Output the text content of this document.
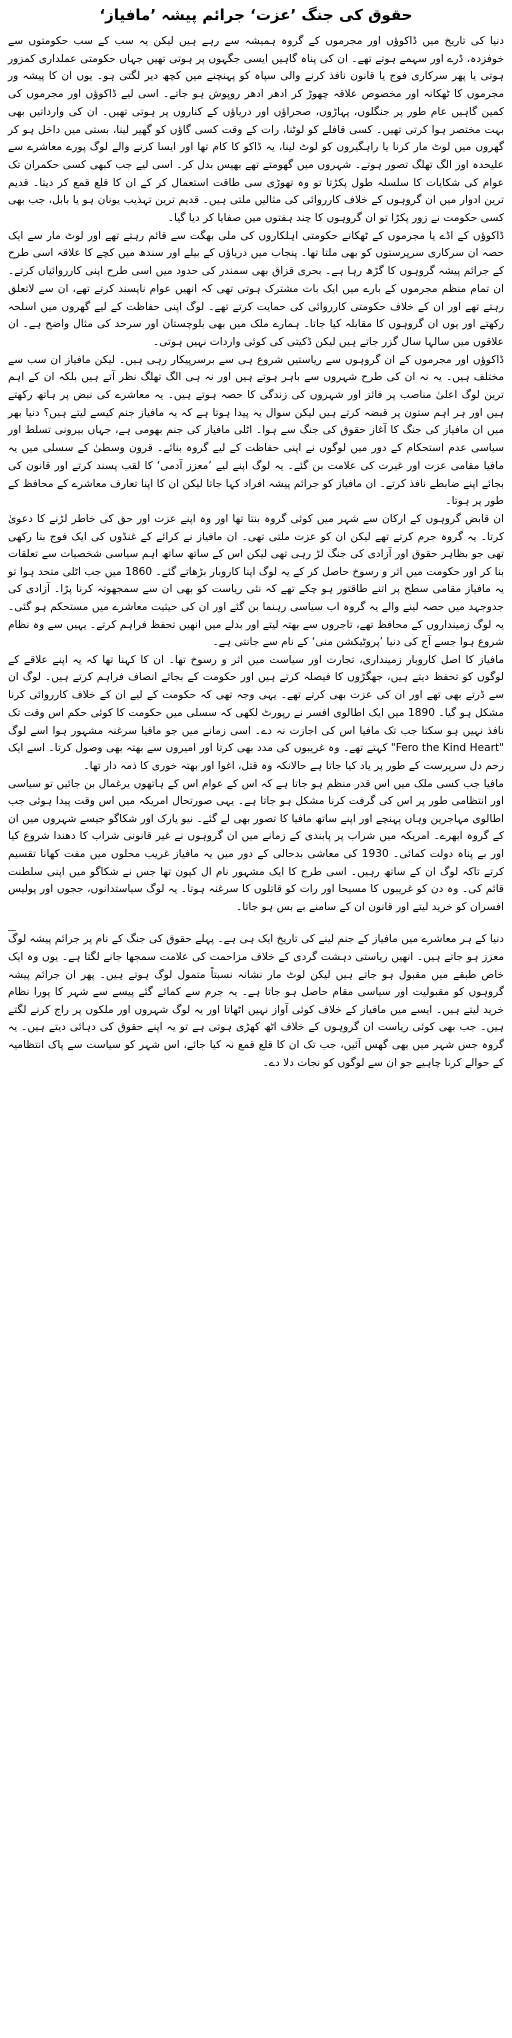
حقوق کی جنگ ’عزت‘ جرائم پیشہ ’مافیاز‘

دنیا کی تاریخ میں ڈاکوؤں اور مجرموں کے گروہ ہمیشہ سے رہے ہیں لیکن یہ سب کے سب حکومتوں سے خوفزدہ، ڈرے اور سہمے ہوتے تھے۔ ان کی پناہ گاہیں ایسی جگہوں پر ہوتی تھیں جہاں حکومتی عملداری کمزور ہوتی یا پھر سرکاری فوج یا قانون نافذ کرنے والی سپاہ کو پہنچنے میں کچھ دیر لگتی ہو۔ یوں ان کا پیشہ ور مجرموں کا ٹھکانہ اور مخصوص علاقہ چھوڑ کر ادھر ادھر روپوش ہو جاتے۔ اسی لیے ڈاکوؤں اور مجرموں کی کمین گاہیں عام طور پر جنگلوں، پہاڑوں، صحراؤں اور دریاؤں کے کناروں پر ہوتی تھیں۔ ان کی وارداتیں بھی بہت مختصر ہوا کرتی تھیں۔ کسی قافلے کو لوٹنا، رات کے وقت کسی گاؤں کو گھیر لینا، بستی میں داخل ہو کر گھروں میں لوٹ مار کرنا یا راہگیروں کو لوٹ لینا، یہ ڈاکو کا کام تھا اور ایسا کرنے والے لوگ پورے معاشرے سے علیحدہ اور الگ تھلگ تصور ہوتے۔ شہروں میں گھومتے تھے بھیس بدل کر۔ اسی لیے جب کبھی کسی حکمران تک عوام کی شکایات کا سلسلہ طول پکڑتا تو وہ تھوڑی سی طاقت استعمال کر کے ان کا قلع قمع کر دیتا۔ قدیم ترین ادوار میں ان گروہوں کے خلاف کارروائی کی مثالیں ملتی ہیں۔ قدیم ترین تہذیب یونان ہو یا بابل، جب بھی کسی حکومت نے زور پکڑا تو ان گروہوں کا چند ہفتوں میں صفایا کر دیا گیا۔

ڈاکوؤں کے اڈے یا مجرموں کے ٹھکانے حکومتی اہلکاروں کی ملی بھگت سے قائم رہتے تھے اور لوٹ مار سے ایک حصہ ان سرکاری سرپرستوں کو بھی ملتا تھا۔ پنجاب میں دریاؤں کے بیلے اور سندھ میں کچے کا علاقہ اسی طرح کے جرائم پیشہ گروہوں کا گڑھ رہا ہے۔ بحری قزاق بھی سمندر کی حدود میں اسی طرح اپنی کارروائیاں کرتے۔ ان تمام منظم مجرموں کے بارے میں ایک بات مشترک ہوتی تھی کہ انھیں عوام ناپسند کرتے تھے، ان سے لاتعلق رہتے تھے اور ان کے خلاف حکومتی کارروائی کی حمایت کرتے تھے۔ لوگ اپنی حفاظت کے لیے گھروں میں اسلحہ رکھتے اور یوں ان گروہوں کا مقابلہ کیا جاتا۔ ہمارے ملک میں بھی بلوچستان اور سرحد کی مثال واضح ہے۔ ان علاقوں میں سالہا سال گزر جاتے ہیں لیکن ڈکیتی کی کوئی واردات نہیں ہوتی۔

ڈاکوؤں اور مجرموں کے ان گروہوں سے ریاستیں شروع ہی سے برسرپیکار رہی ہیں۔ لیکن مافیاز ان سب سے مختلف ہیں۔ یہ نہ ان کی طرح شہروں سے باہر ہوتے ہیں اور نہ ہی الگ تھلگ نظر آتے ہیں بلکہ ان کے اہم ترین لوگ اعلیٰ مناصب پر فائز اور شہروں کی زندگی کا حصہ ہوتے ہیں۔ یہ معاشرے کی نبض پر ہاتھ رکھتے ہیں اور ہر اہم ستون پر قبضہ کرتے ہیں لیکن سوال یہ پیدا ہوتا ہے کہ یہ مافیاز جنم کیسے لیتے ہیں؟ دنیا بھر میں ان مافیاز کی جنگ کا آغاز حقوق کی جنگ سے ہوا۔ اٹلی مافیاز کی جنم بھومی ہے، جہاں بیرونی تسلط اور سیاسی عدم استحکام کے دور میں لوگوں نے اپنی حفاظت کے لیے گروہ بنائے۔ قرون وسطیٰ کے سسلی میں یہ مافیا مقامی عزت اور غیرت کی علامت بن گئے۔ یہ لوگ اپنے لیے ’معزز آدمی‘ کا لقب پسند کرتے اور قانون کی بجائے اپنے ضابطے نافذ کرتے۔ ان مافیاز کو جرائم پیشہ افراد کہا جاتا لیکن ان کا اپنا تعارف معاشرے کے محافظ کے طور پر ہوتا۔

ان قابض گروہوں کے ارکان سے شہر میں کوئی گروہ بنتا تھا اور وہ اپنے عزت اور حق کی خاطر لڑنے کا دعویٰ کرتا۔ یہ گروہ جرم کرتے تھے لیکن ان کو عزت ملتی تھی۔ ان مافیاز نے کرائے کے غنڈوں کی ایک فوج بنا رکھی تھی جو بظاہر حقوق اور آزادی کی جنگ لڑ رہی تھی لیکن اس کے ساتھ ساتھ اہم سیاسی شخصیات سے تعلقات بنا کر اور حکومت میں اثر و رسوخ حاصل کر کے یہ لوگ اپنا کاروبار بڑھاتے گئے۔ 1860 میں جب اٹلی متحد ہوا تو یہ مافیاز مقامی سطح پر اتنے طاقتور ہو چکے تھے کہ نئی ریاست کو بھی ان سے سمجھوتہ کرنا پڑا۔ آزادی کی جدوجہد میں حصہ لینے والے یہ گروہ اب سیاسی رہنما بن گئے اور ان کی حیثیت معاشرے میں مستحکم ہو گئی۔ یہ لوگ زمینداروں کے محافظ تھے، تاجروں سے بھتہ لیتے اور بدلے میں انھیں تحفظ فراہم کرتے۔ یہیں سے وہ نظام شروع ہوا جسے آج کی دنیا ’پروٹیکشن منی‘ کے نام سے جانتی ہے۔

مافیاز کا اصل کاروبار زمینداری، تجارت اور سیاست میں اثر و رسوخ تھا۔ ان کا کہنا تھا کہ یہ اپنے علاقے کے لوگوں کو تحفظ دیتے ہیں، جھگڑوں کا فیصلہ کرتے ہیں اور حکومت کے بجائے انصاف فراہم کرتے ہیں۔ لوگ ان سے ڈرتے بھی تھے اور ان کی عزت بھی کرتے تھے۔ یہی وجہ تھی کہ حکومت کے لیے ان کے خلاف کارروائی کرنا مشکل ہو گیا۔ 1890 میں ایک اطالوی افسر نے رپورٹ لکھی کہ سسلی میں حکومت کا کوئی حکم اس وقت تک نافذ نہیں ہو سکتا جب تک مافیا اس کی اجازت نہ دے۔ اسی زمانے میں جو مافیا سرغنہ مشہور ہوا اسے لوگ "Fero the Kind Heart" کہتے تھے۔ وہ غریبوں کی مدد بھی کرتا اور امیروں سے بھتہ بھی وصول کرتا۔ اسے ایک رحم دل سرپرست کے طور پر یاد کیا جاتا ہے حالانکہ وہ قتل، اغوا اور بھتہ خوری کا ذمہ دار تھا۔

مافیا جب کسی ملک میں اس قدر منظم ہو جاتا ہے کہ اس کے عوام اس کے ہاتھوں یرغمال بن جائیں تو سیاسی اور انتظامی طور پر اس کی گرفت کرنا مشکل ہو جاتا ہے۔ یہی صورتحال امریکہ میں اس وقت پیدا ہوئی جب اطالوی مہاجرین وہاں پہنچے اور اپنے ساتھ مافیا کا تصور بھی لے گئے۔ نیو یارک اور شکاگو جیسے شہروں میں ان کے گروہ ابھرے۔ امریکہ میں شراب پر پابندی کے زمانے میں ان گروہوں نے غیر قانونی شراب کا دھندا شروع کیا اور بے پناہ دولت کمائی۔ 1930 کی معاشی بدحالی کے دور میں یہ مافیاز غریب محلوں میں مفت کھانا تقسیم کرتے تاکہ لوگ ان کے ساتھ رہیں۔ اسی طرح کا ایک مشہور نام ال کپون تھا جس نے شکاگو میں اپنی سلطنت قائم کی۔ وہ دن کو غریبوں کا مسیحا اور رات کو قاتلوں کا سرغنہ ہوتا۔ یہ لوگ سیاستدانوں، ججوں اور پولیس افسران کو خرید لیتے اور قانون ان کے سامنے بے بس ہو جاتا۔

دنیا کے ہر معاشرے میں مافیاز کے جنم لینے کی تاریخ ایک ہی ہے۔ پہلے حقوق کی جنگ کے نام پر جرائم پیشہ لوگ معزز ہو جاتے ہیں۔ انھیں ریاستی دہشت گردی کے خلاف مزاحمت کی علامت سمجھا جانے لگتا ہے۔ یوں وہ ایک خاص طبقے میں مقبول ہو جاتے ہیں لیکن لوٹ مار نشانہ نسبتاً متمول لوگ ہوتے ہیں۔ پھر ان جرائم پیشہ گروہوں کو مقبولیت اور سیاسی مقام حاصل ہو جاتا ہے۔ یہ جرم سے کمائے گئے پیسے سے شہر کا پورا نظام خرید لیتے ہیں۔ ایسے میں مافیاز کے خلاف کوئی آواز نہیں اٹھاتا اور یہ لوگ شہروں اور ملکوں پر راج کرنے لگتے ہیں۔ جب بھی کوئی ریاست ان گروہوں کے خلاف اٹھ کھڑی ہوتی ہے تو یہ اپنے حقوق کی دہائی دیتے ہیں۔ یہ گروہ جس شہر میں بھی گھس آئیں، جب تک ان کا قلع قمع نہ کیا جائے، اس شہر کو سیاست سے پاک انتظامیہ کے حوالے کرنا چاہیے جو ان سے لوگوں کو نجات دلا دے۔
